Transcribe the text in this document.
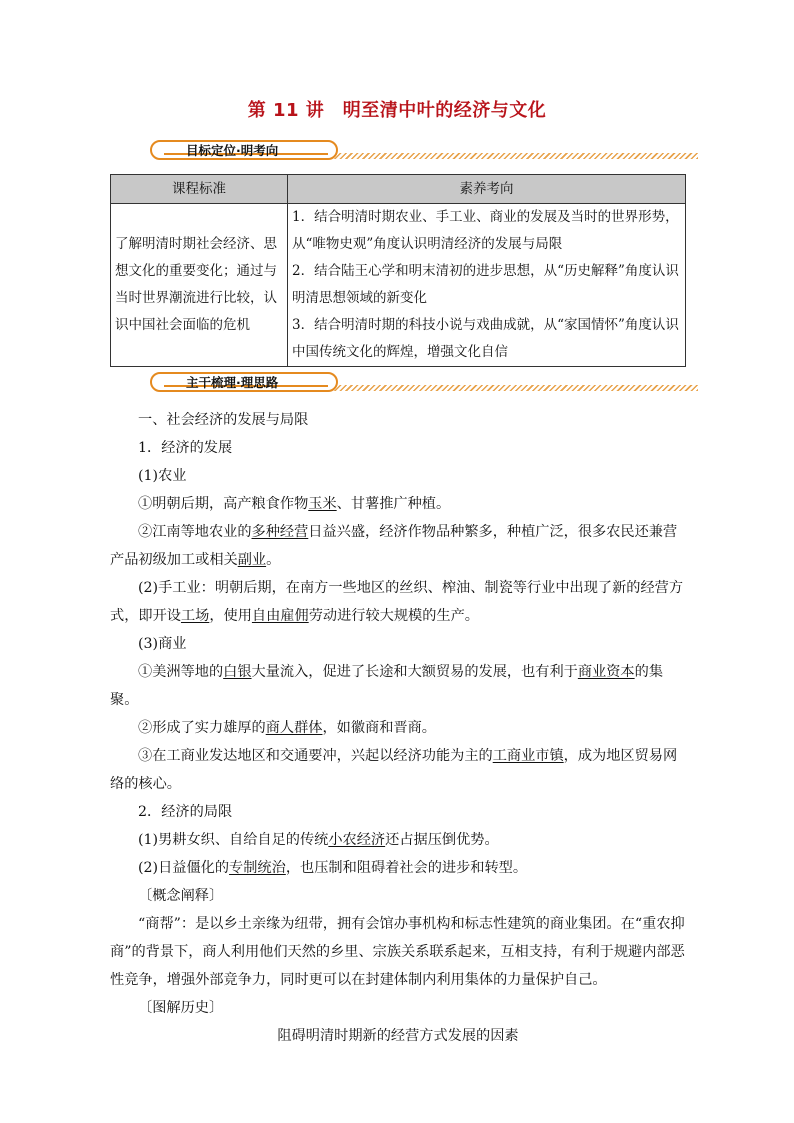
第 11 讲　明至清中叶的经济与文化
目标定位·明考向
课程标准	素养考向
了解明清时期社会经济、思想文化的重要变化；通过与当时世界潮流进行比较，认识中国社会面临的危机	1．结合明清时期农业、手工业、商业的发展及当时的世界形势，从“唯物史观”角度认识明清经济的发展与局限
2．结合陆王心学和明末清初的进步思想，从“历史解释”角度认识明清思想领域的新变化
3．结合明清时期的科技小说与戏曲成就，从“家国情怀”角度认识中国传统文化的辉煌，增强文化自信
主干梳理·理思路

一、社会经济的发展与局限

1．经济的发展

(1)农业

①明朝后期，高产粮食作物玉米、甘薯推广种植。

②江南等地农业的多种经营日益兴盛，经济作物品种繁多，种植广泛，很多农民还兼营产品初级加工或相关副业。

(2)手工业：明朝后期，在南方一些地区的丝织、榨油、制瓷等行业中出现了新的经营方式，即开设工场，使用自由雇佣劳动进行较大规模的生产。

(3)商业

①美洲等地的白银大量流入，促进了长途和大额贸易的发展，也有利于商业资本的集聚。

②形成了实力雄厚的商人群体，如徽商和晋商。

③在工商业发达地区和交通要冲，兴起以经济功能为主的工商业市镇，成为地区贸易网络的核心。

2．经济的局限

(1)男耕女织、自给自足的传统小农经济还占据压倒优势。

(2)日益僵化的专制统治，也压制和阻碍着社会的进步和转型。

〔概念阐释〕

“商帮”：是以乡土亲缘为纽带，拥有会馆办事机构和标志性建筑的商业集团。在“重农抑商”的背景下，商人利用他们天然的乡里、宗族关系联系起来，互相支持，有利于规避内部恶性竞争，增强外部竞争力，同时更可以在封建体制内利用集体的力量保护自己。

〔图解历史〕

阻碍明清时期新的经营方式发展的因素
